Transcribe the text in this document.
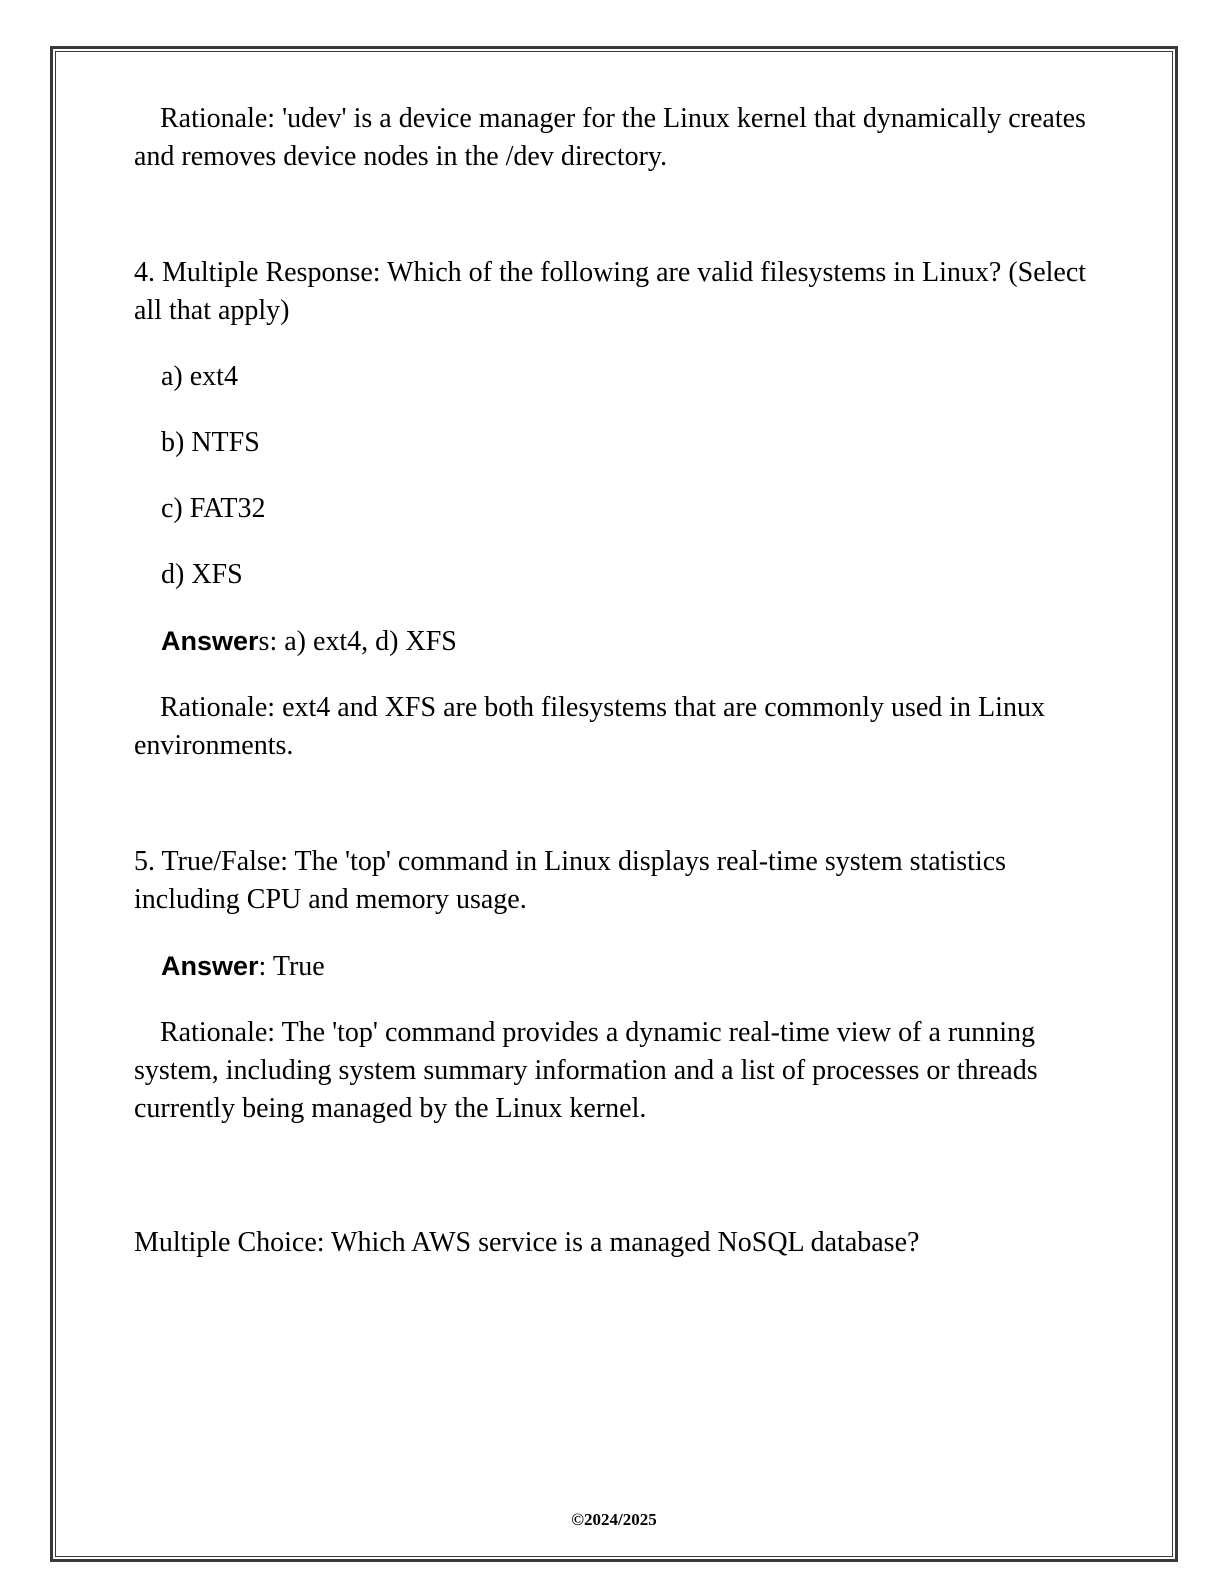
Rationale: 'udev' is a device manager for the Linux kernel that dynamically creates and removes device nodes in the /dev directory.

4. Multiple Response: Which of the following are valid filesystems in Linux? (Select all that apply)

a) ext4

b) NTFS

c) FAT32

d) XFS

Answers: a) ext4, d) XFS

Rationale: ext4 and XFS are both filesystems that are commonly used in Linux environments.

5. True/False: The 'top' command in Linux displays real-time system statistics including CPU and memory usage.

Answer: True

Rationale: The 'top' command provides a dynamic real-time view of a running system, including system summary information and a list of processes or threads currently being managed by the Linux kernel.

Multiple Choice: Which AWS service is a managed NoSQL database?

©2024/2025
